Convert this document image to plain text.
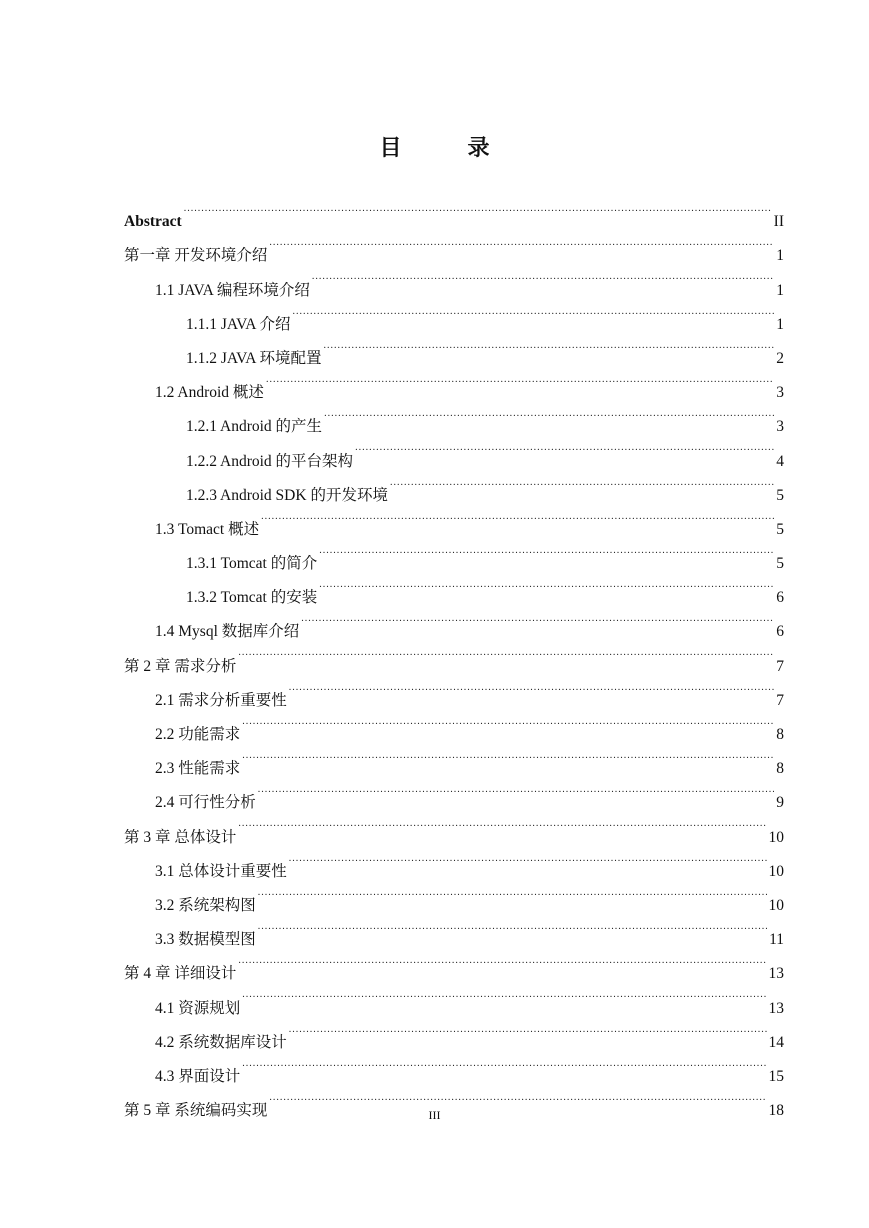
目　录
Abstract .....	II
第一章 开发环境介绍 .....	1
1.1 JAVA 编程环境介绍 .....	1
1.1.1 JAVA 介绍 .....	1
1.1.2 JAVA 环境配置 .....	2
1.2 Android 概述 .....	3
1.2.1 Android 的产生 .....	3
1.2.2 Android 的平台架构 .....	4
1.2.3 Android SDK 的开发环境 .....	5
1.3 Tomact 概述 .....	5
1.3.1 Tomcat 的简介 .....	5
1.3.2 Tomcat 的安装 .....	6
1.4 Mysql 数据库介绍 .....	6
第 2 章 需求分析 .....	7
2.1 需求分析重要性 .....	7
2.2 功能需求 .....	8
2.3 性能需求 .....	8
2.4 可行性分析 .....	9
第 3 章 总体设计 .....	10
3.1 总体设计重要性 .....	10
3.2 系统架构图 .....	10
3.3 数据模型图 .....	11
第 4 章 详细设计 .....	13
4.1 资源规划 .....	13
4.2 系统数据库设计 .....	14
4.3 界面设计 .....	15
第 5 章 系统编码实现 .....	18
III
